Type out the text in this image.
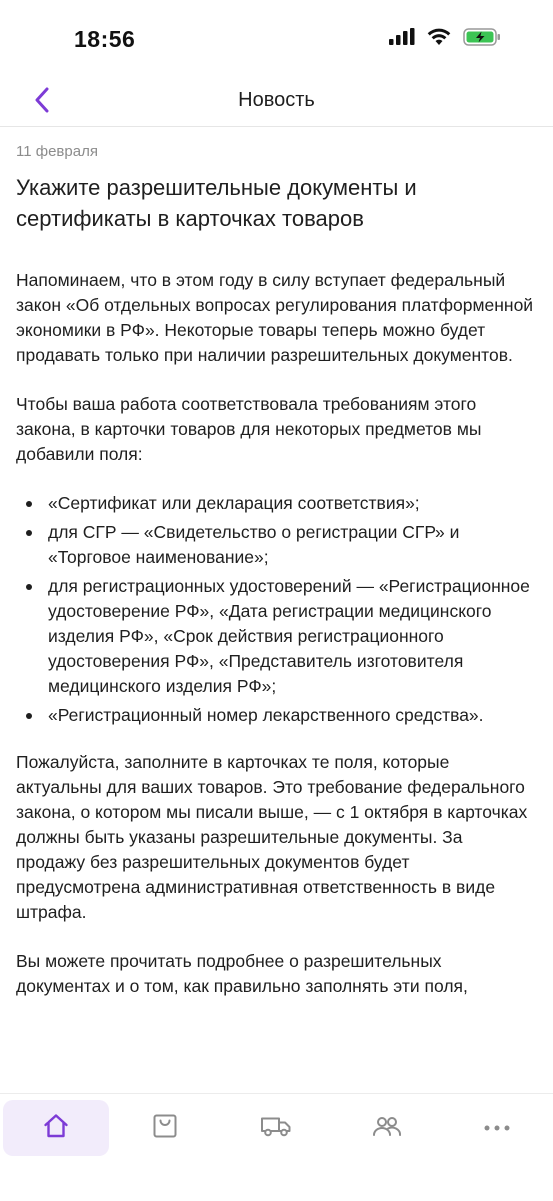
18:56
Новость

11 февраля

Укажите разрешительные документы и сертификаты в карточках товаров

Напоминаем, что в этом году в силу вступает федеральный закон «Об отдельных вопросах регулирования платформенной экономики в РФ». Некоторые товары теперь можно будет продавать только при наличии разрешительных документов.

Чтобы ваша работа соответствовала требованиям этого закона, в карточки товаров для некоторых предметов мы добавили поля:

«Сертификат или декларация соответствия»;
для СГР — «Свидетельство о регистрации СГР» и «Торговое наименование»;
для регистрационных удостоверений — «Регистрационное удостоверение РФ», «Дата регистрации медицинского изделия РФ», «Срок действия регистрационного удостоверения РФ», «Представитель изготовителя медицинского изделия РФ»;
«Регистрационный номер лекарственного средства».

Пожалуйста, заполните в карточках те поля, которые актуальны для ваших товаров. Это требование федерального закона, о котором мы писали выше, — с 1 октября в карточках должны быть указаны разрешительные документы. За продажу без разрешительных документов будет предусмотрена административная ответственность в виде штрафа.

Вы можете прочитать подробнее о разрешительных документах и о том, как правильно заполнять эти поля,
